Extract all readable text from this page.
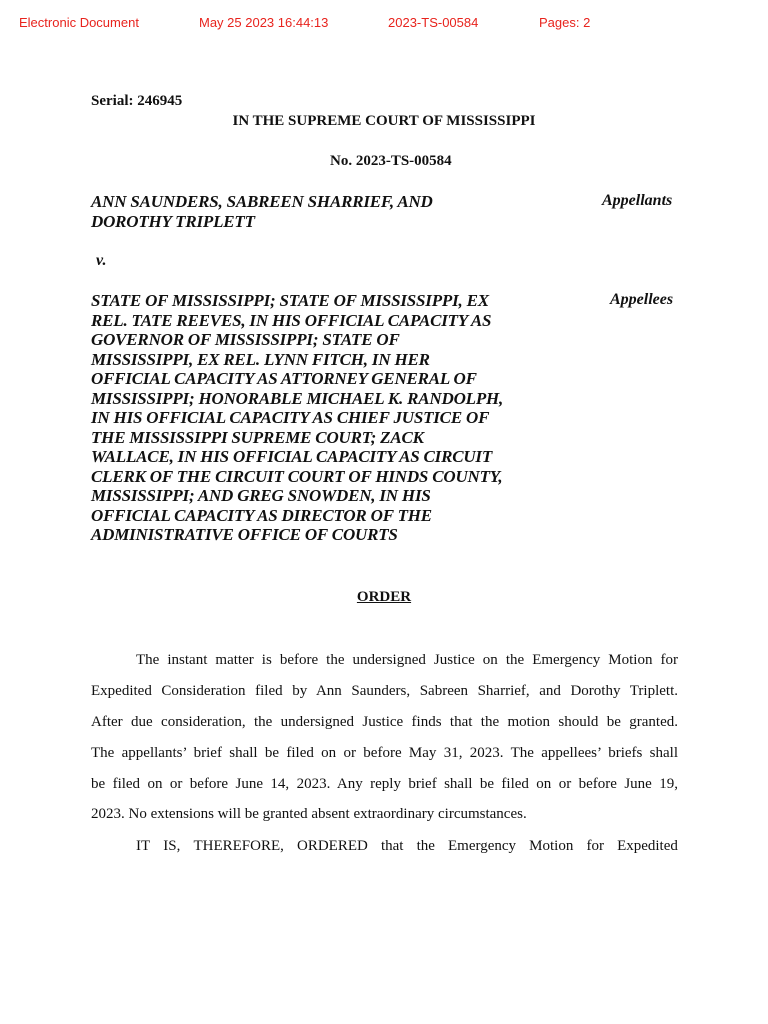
Electronic Document	May 25 2023 16:44:13	2023-TS-00584	Pages: 2
Serial: 246945
IN THE SUPREME COURT OF MISSISSIPPI
No. 2023-TS-00584
ANN SAUNDERS, SABREEN SHARRIEF, AND
DOROTHY TRIPLETT
Appellants
v.
STATE OF MISSISSIPPI; STATE OF MISSISSIPPI, EX
REL. TATE REEVES, IN HIS OFFICIAL CAPACITY AS
GOVERNOR OF MISSISSIPPI; STATE OF
MISSISSIPPI, EX REL. LYNN FITCH, IN HER
OFFICIAL CAPACITY AS ATTORNEY GENERAL OF
MISSISSIPPI; HONORABLE MICHAEL K. RANDOLPH,
IN HIS OFFICIAL CAPACITY AS CHIEF JUSTICE OF
THE MISSISSIPPI SUPREME COURT; ZACK
WALLACE, IN HIS OFFICIAL CAPACITY AS CIRCUIT
CLERK OF THE CIRCUIT COURT OF HINDS COUNTY,
MISSISSIPPI; AND GREG SNOWDEN, IN HIS
OFFICIAL CAPACITY AS DIRECTOR OF THE
ADMINISTRATIVE OFFICE OF COURTS
Appellees
ORDER
The instant matter is before the undersigned Justice on the Emergency Motion for
Expedited Consideration filed by Ann Saunders, Sabreen Sharrief, and Dorothy Triplett.
After due consideration, the undersigned Justice finds that the motion should be granted.
The appellants’ brief shall be filed on or before May 31, 2023. The appellees’ briefs shall
be filed on or before June 14, 2023. Any reply brief shall be filed on or before June 19,
2023. No extensions will be granted absent extraordinary circumstances.
IT IS, THEREFORE, ORDERED that the Emergency Motion for Expedited
